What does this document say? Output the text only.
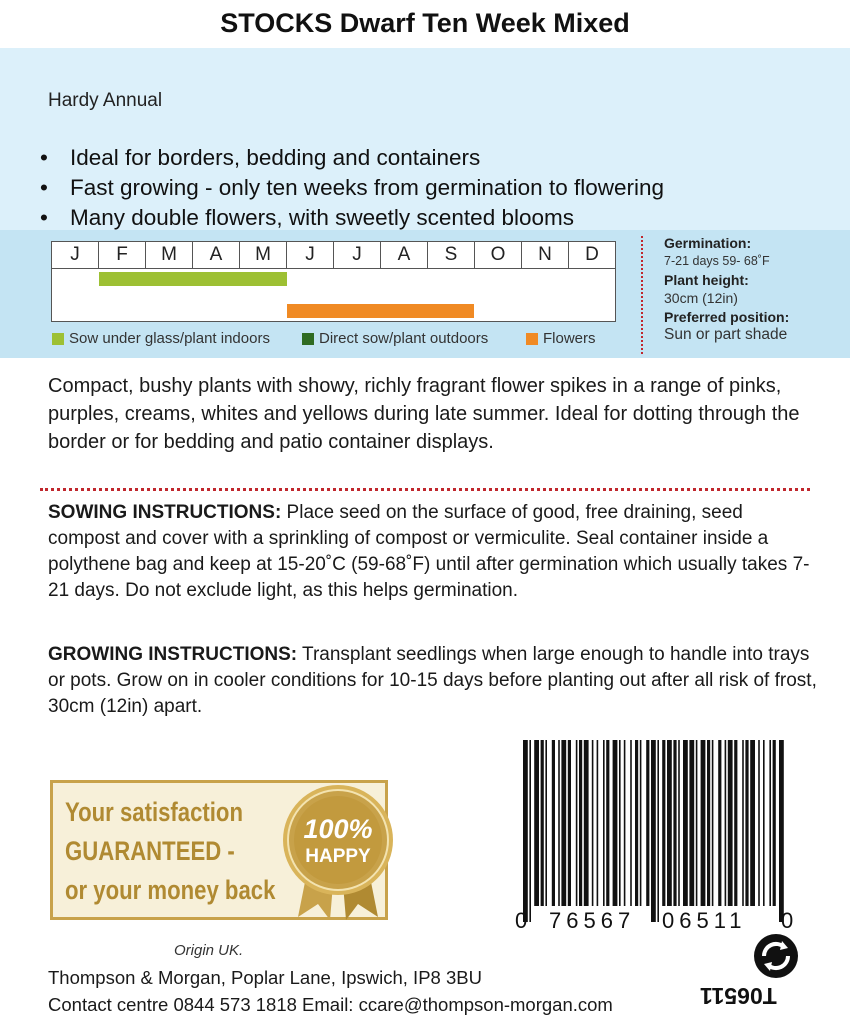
STOCKS Dwarf Ten Week Mixed
Hardy Annual
• Ideal for borders, bedding and containers
• Fast growing - only ten weeks from germination to flowering
• Many double flowers, with sweetly scented blooms
J	F	M	A	M	J	J	A	S	O	N	D
Sow under glass/plant indoors	Direct sow/plant outdoors	Flowers
Germination:
7-21 days 59- 68˚F
Plant height:
30cm (12in)
Preferred position:
Sun or part shade

Compact, bushy plants with showy, richly fragrant flower spikes in a range of pinks, purples, creams, whites and yellows during late summer. Ideal for dotting through the border or for bedding and patio container displays.

SOWING INSTRUCTIONS: Place seed on the surface of good, free draining, seed compost and cover with a sprinkling of compost or vermiculite. Seal container inside a polythene bag and keep at 15-20˚C (59-68˚F) until after germination which usually takes 7-21 days. Do not exclude light, as this helps germination.

GROWING INSTRUCTIONS: Transplant seedlings when large enough to handle into trays or pots. Grow on in cooler conditions for 10-15 days before planting out after all risk of frost, 30cm (12in) apart.

Your satisfaction
GUARANTEED -
or your money back
100%
HAPPY
0 76567 06511 0
Origin UK.
Thompson & Morgan, Poplar Lane, Ipswich, IP8 3BU
Contact centre 0844 573 1818 Email: ccare@thompson-morgan.com	T06511
